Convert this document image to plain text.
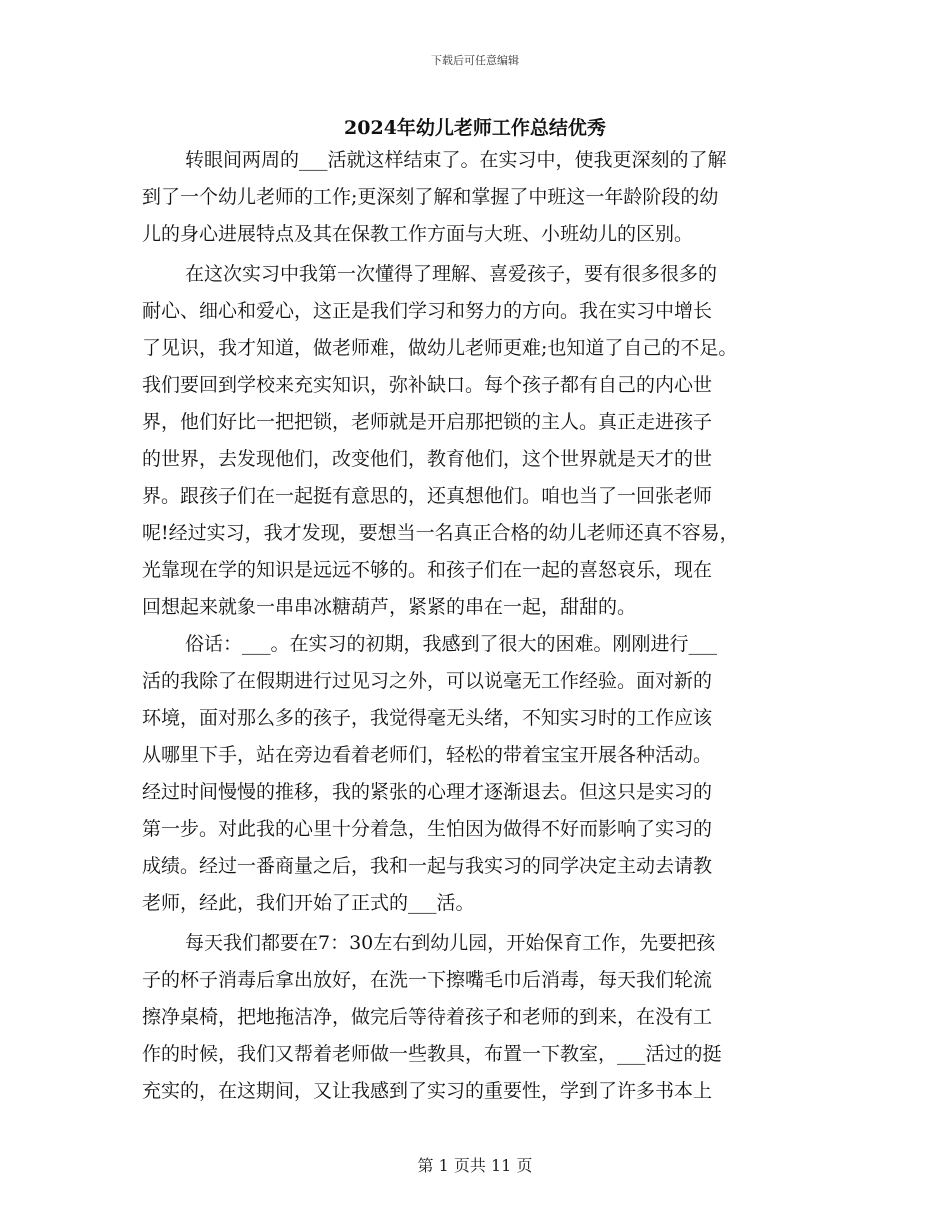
下载后可任意编辑
2024年幼儿老师工作总结优秀
转眼间两周的___活就这样结束了。在实习中，使我更深刻的了解
到了一个幼儿老师的工作;更深刻了解和掌握了中班这一年龄阶段的幼
儿的身心进展特点及其在保教工作方面与大班、小班幼儿的区别。
在这次实习中我第一次懂得了理解、喜爱孩子，要有很多很多的
耐心、细心和爱心，这正是我们学习和努力的方向。我在实习中增长
了见识，我才知道，做老师难，做幼儿老师更难;也知道了自己的不足。
我们要回到学校来充实知识，弥补缺口。每个孩子都有自己的内心世
界，他们好比一把把锁，老师就是开启那把锁的主人。真正走进孩子
的世界，去发现他们，改变他们，教育他们，这个世界就是天才的世
界。跟孩子们在一起挺有意思的，还真想他们。咱也当了一回张老师
呢!经过实习，我才发现，要想当一名真正合格的幼儿老师还真不容易，
光靠现在学的知识是远远不够的。和孩子们在一起的喜怒哀乐，现在
回想起来就象一串串冰糖葫芦，紧紧的串在一起，甜甜的。
俗话：___。在实习的初期，我感到了很大的困难。刚刚进行___
活的我除了在假期进行过见习之外，可以说毫无工作经验。面对新的
环境，面对那么多的孩子，我觉得毫无头绪，不知实习时的工作应该
从哪里下手，站在旁边看着老师们，轻松的带着宝宝开展各种活动。
经过时间慢慢的推移，我的紧张的心理才逐渐退去。但这只是实习的
第一步。对此我的心里十分着急，生怕因为做得不好而影响了实习的
成绩。经过一番商量之后，我和一起与我实习的同学决定主动去请教
老师，经此，我们开始了正式的___活。
每天我们都要在7：30左右到幼儿园，开始保育工作，先要把孩
子的杯子消毒后拿出放好，在洗一下擦嘴毛巾后消毒，每天我们轮流
擦净桌椅，把地拖洁净，做完后等待着孩子和老师的到来，在没有工
作的时候，我们又帮着老师做一些教具，布置一下教室，___活过的挺
充实的，在这期间，又让我感到了实习的重要性，学到了许多书本上
第 1 页共 11 页
